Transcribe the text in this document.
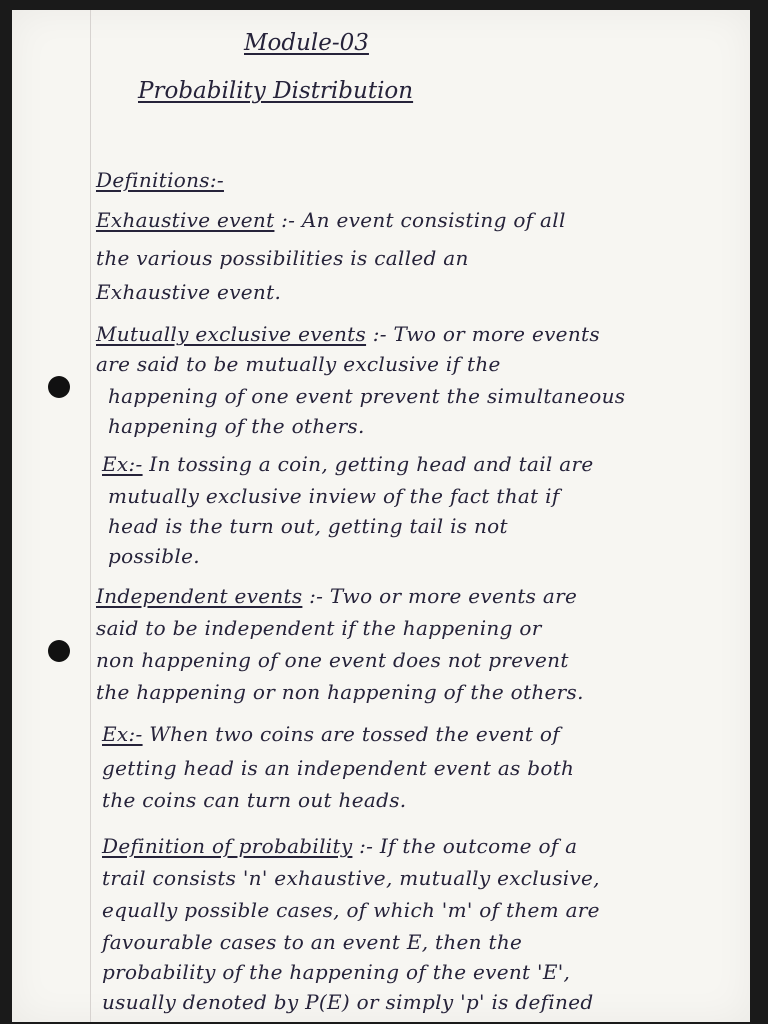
Module-03
Probability Distribution
Definitions:-
Exhaustive event :- An event consisting of all
the various possibilities is called an
Exhaustive event.
Mutually exclusive events :- Two or more events
are said to be mutually exclusive if the
happening of one event prevent the simultaneous
happening of the others.
Ex:- In tossing a coin, getting head and tail are
mutually exclusive inview of the fact that if
head is the turn out, getting tail is not
possible.
Independent events :- Two or more events are
said to be independent if the happening or
non happening of one event does not prevent
the happening or non happening of the others.
Ex:- When two coins are tossed the event of
getting head is an independent event as both
the coins can turn out heads.
Definition of probability :- If the outcome of a
trail consists 'n' exhaustive, mutually exclusive,
equally possible cases, of which 'm' of them are
favourable cases to an event E, then the
probability of the happening of the event 'E',
usually denoted by P(E) or simply 'p' is defined
